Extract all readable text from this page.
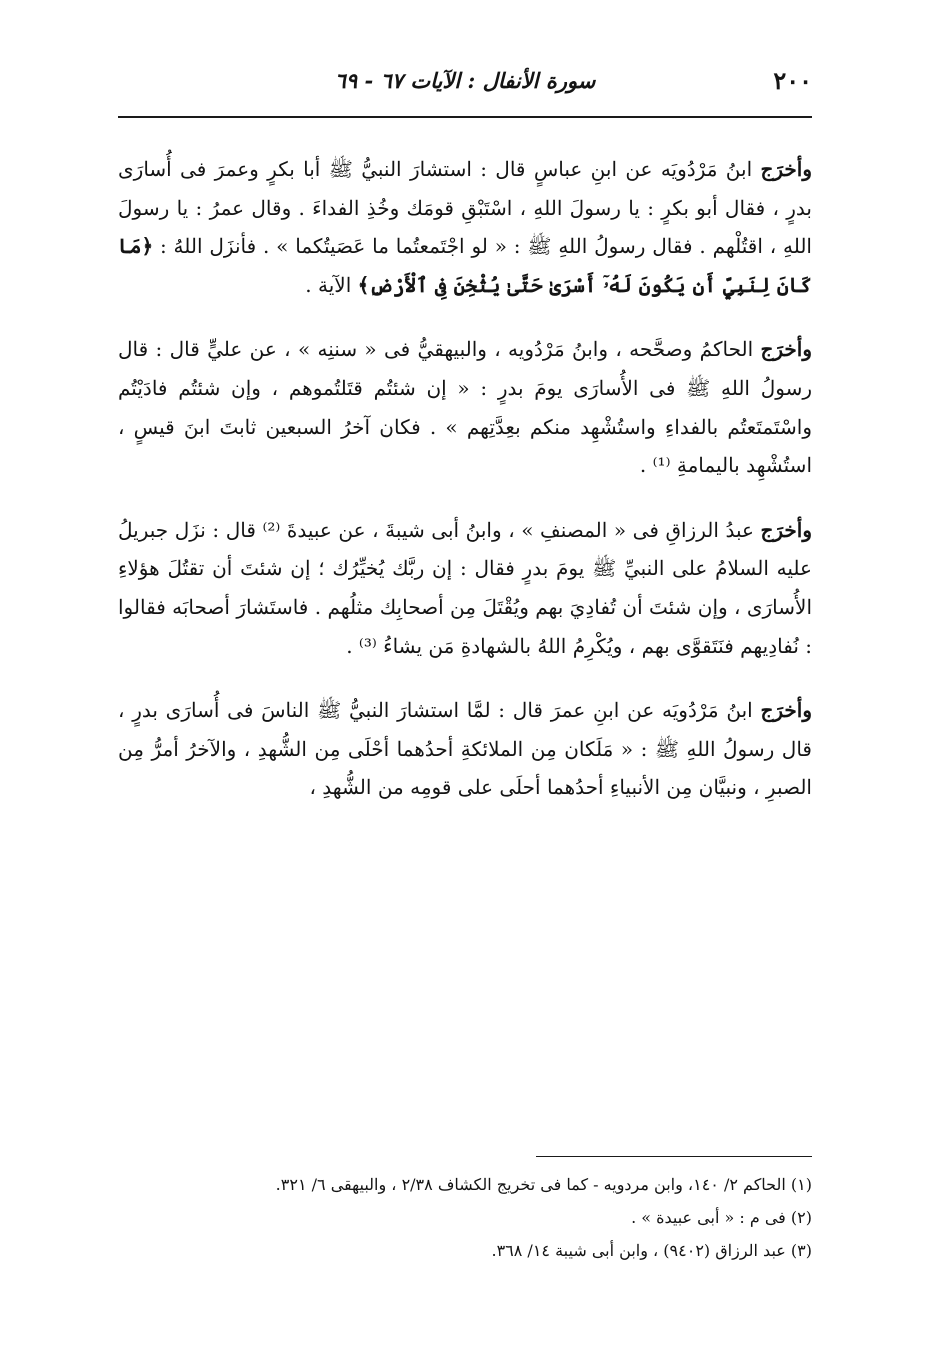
٢٠٠
سورة الأنفال : الآيات ٦٧ - ٦٩

وأخرَج ابنُ مَرْدُويَه عن ابنِ عباسٍ قال : استشارَ النبيُّ ﷺ أبا بكرٍ وعمرَ فى أُسارَى بدرٍ ، فقال أبو بكرٍ : يا رسولَ اللهِ ، اسْتَبْقِ قومَك وخُذِ الفداءَ . وقال عمرُ : يا رسولَ اللهِ ، اقتُلْهم . فقال رسولُ اللهِ ﷺ : « لو اجْتَمعتُما ما عَصَيتُكما » . فأنزَل اللهُ : ﴿مَا كَانَ لِنَبِيٍّ أَن يَكُونَ لَهُۥٓ أَسْرَىٰ حَتَّىٰ يُثْخِنَ فِى ٱلْأَرْضِ﴾ الآية .

وأخرَج الحاكمُ وصحَّحه ، وابنُ مَرْدُويه ، والبيهقيُّ فى « سننِه » ، عن عليٍّ قال : قال رسولُ اللهِ ﷺ فى الأُسارَى يومَ بدرٍ : « إن شئتُم قتَلتُموهم ، وإن شئتُم فادَيْتُم واسْتَمتَعتُم بالفداءِ واستُشْهِد منكم بعِدَّتِهم » . فكان آخرُ السبعين ثابتَ ابنَ قيسٍ ، استُشْهِد باليمامةِ ⁽¹⁾ .

وأخرَج عبدُ الرزاقِ فى « المصنفِ » ، وابنُ أبى شيبةَ ، عن عبيدةَ ⁽²⁾ قال : نزَل جبريلُ عليه السلامُ على النبيِّ ﷺ يومَ بدرٍ فقال : إن ربَّك يُخيِّرُك ؛ إن شئتَ أن تقتُلَ هؤلاءِ الأُسارَى ، وإن شئتَ أن تُفادِيَ بهم ويُقْتَلَ مِن أصحابِك مثلُهم . فاستَشارَ أصحابَه فقالوا : نُفادِيهم فنَتَقوَّى بهم ، ويُكْرِمُ اللهُ بالشهادةِ مَن يشاءُ ⁽³⁾ .

وأخرَج ابنُ مَرْدُويَه عن ابنِ عمرَ قال : لمَّا استشارَ النبيُّ ﷺ الناسَ فى أُسارَى بدرٍ ، قال رسولُ اللهِ ﷺ : « مَلَكان مِن الملائكةِ أحدُهما أحْلَى مِن الشُّهدِ ، والآخرُ أمرُّ مِن الصبرِ ، ونبيَّان مِن الأنبياءِ أحدُهما أحلَى على قومِه من الشُّهدِ ،

(١) الحاكم ٢/ ١٤٠، وابن مردويه - كما فى تخريج الكشاف ٢/٣٨ ، والبيهقى ٦/ ٣٢١.

(٢) فى م : « أبى عبيدة » .

(٣) عبد الرزاق (٩٤٠٢) ، وابن أبى شيبة ١٤/ ٣٦٨.
